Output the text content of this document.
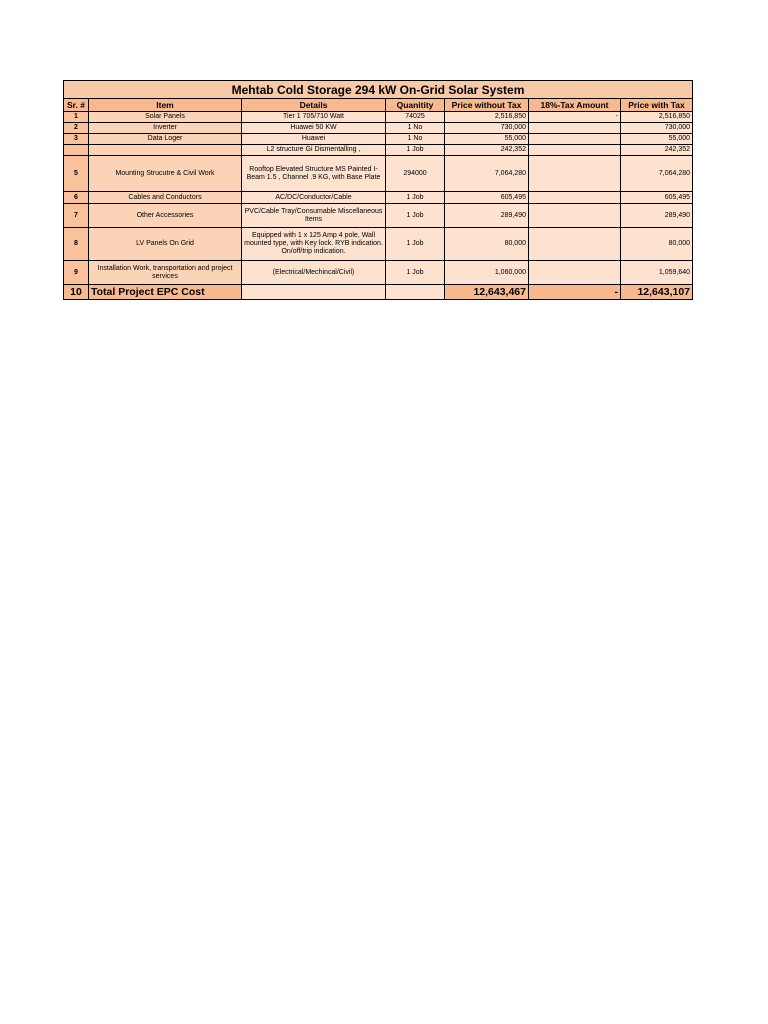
Mehtab Cold Storage 294 kW On-Grid Solar System						
Sr. #	Item	Details	Quanitity	Price without Tax	18%-Tax Amount	Price with Tax
1	Solar Panels	Tier 1 705/710 Watt	74025	2,516,850	-	2,516,850
2	Inverter	Huawei 50 KW	1 No	730,000		730,000
3	Data Loger	Huawei	1 No	55,000		55,000
		L2 structure Gi Dismentalling ,	1 Job	242,352		242,352
5	Mounting Strucutre & Civil Work	Rooftop Elevated Structure MS Painted I-Beam 1.5 , Channel .9 KG, with Base Plate	294000	7,064,280		7,064,280
6	Cables and Conductors	AC/DC/Conductor/Cable	1 Job	605,495		605,495
7	Other Accessories	PVC/Cable Tray/Consumable Miscellaneous Items	1 Job	289,490		289,490
8	LV Panels On Grid	Equipped with 1 x 125 Amp 4 pole, Wall mounted type, with Key lock. RYB indication. On/off/trip indication.	1 Job	80,000		80,000
9	Installation Work, transportation and project services	(Electrical/Mechincal/Civil)	1 Job	1,060,000		1,059,640
10	Total Project EPC Cost			12,643,467	-	12,643,107
